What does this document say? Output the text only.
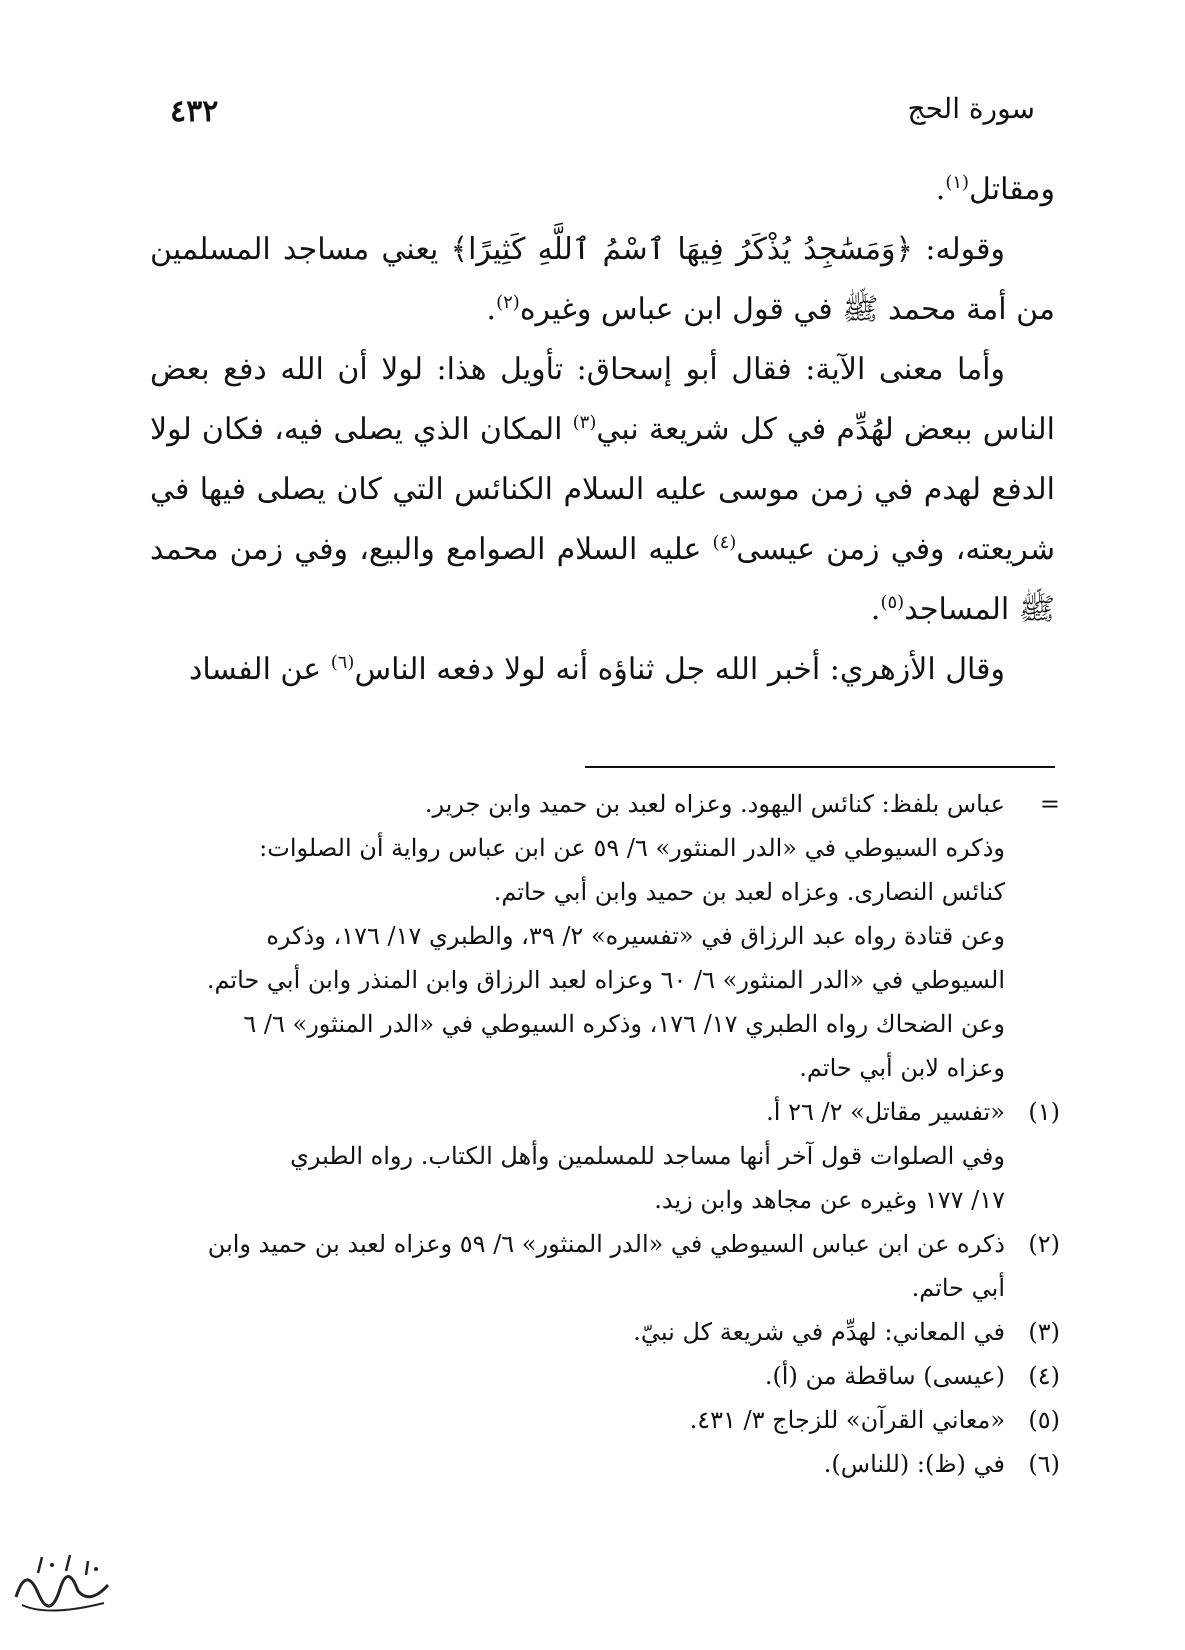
٤٣٢	سورة الحج

ومقاتل$^{(١)}$.

وقوله: ﴿وَمَسَٰجِدُ يُذْكَرُ فِيهَا ٱسْمُ ٱللَّهِ كَثِيرًا﴾ يعني مساجد المسلمين من أمة محمد ﷺ في قول ابن عباس وغيره$^{(٢)}$.

وأما معنى الآية: فقال أبو إسحاق: تأويل هذا: لولا أن الله دفع بعض الناس ببعض لهُدِّم في كل شريعة نبي$^{(٣)}$ المكان الذي يصلى فيه، فكان لولا الدفع لهدم في زمن موسى عليه السلام الكنائس التي كان يصلى فيها في شريعته، وفي زمن عيسى$^{(٤)}$ عليه السلام الصوامع والبيع، وفي زمن محمد ﷺ المساجد$^{(٥)}$.

وقال الأزهري: أخبر الله جل ثناؤه أنه لولا دفعه الناس$^{(٦)}$ عن الفساد

=
عباس بلفظ: كنائس اليهود. وعزاه لعبد بن حميد وابن جرير.
وذكره السيوطي في «الدر المنثور» ٦/ ٥٩ عن ابن عباس رواية أن الصلوات:
كنائس النصارى. وعزاه لعبد بن حميد وابن أبي حاتم.
وعن قتادة رواه عبد الرزاق في «تفسيره» ٢/ ٣٩، والطبري ١٧/ ١٧٦، وذكره
السيوطي في «الدر المنثور» ٦/ ٦٠ وعزاه لعبد الرزاق وابن المنذر وابن أبي حاتم.
وعن الضحاك رواه الطبري ١٧/ ١٧٦، وذكره السيوطي في «الدر المنثور» ٦/ ٦
وعزاه لابن أبي حاتم.
(١)
«تفسير مقاتل» ٢/ ٢٦ أ.
وفي الصلوات قول آخر أنها مساجد للمسلمين وأهل الكتاب. رواه الطبري
١٧/ ١٧٧ وغيره عن مجاهد وابن زيد.
(٢)
ذكره عن ابن عباس السيوطي في «الدر المنثور» ٦/ ٥٩ وعزاه لعبد بن حميد وابن
أبي حاتم.
(٣)
في المعاني: لهدِّم في شريعة كل نبيّ.
(٤)
(عيسى) ساقطة من (أ).
(٥)
«معاني القرآن» للزجاج ٣/ ٤٣١.
(٦)
في (ظ): (للناس).
